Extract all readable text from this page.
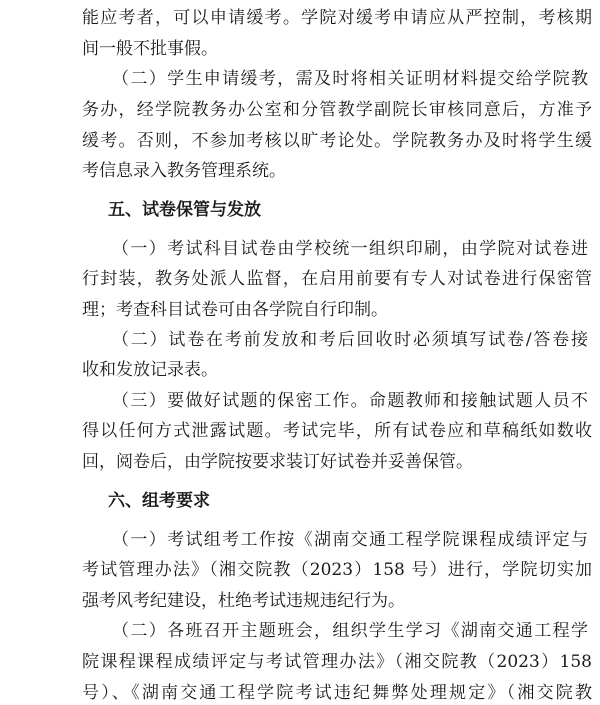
能应考者，可以申请缓考。学院对缓考申请应从严控制，考核期
间一般不批事假。
（二）学生申请缓考，需及时将相关证明材料提交给学院教
务办，经学院教务办公室和分管教学副院长审核同意后，方准予
缓考。否则，不参加考核以旷考论处。学院教务办及时将学生缓
考信息录入教务管理系统。
五、试卷保管与发放
（一）考试科目试卷由学校统一组织印刷，由学院对试卷进
行封装，教务处派人监督，在启用前要有专人对试卷进行保密管
理；考查科目试卷可由各学院自行印制。
（二）试卷在考前发放和考后回收时必须填写试卷/答卷接
收和发放记录表。
（三）要做好试题的保密工作。命题教师和接触试题人员不
得以任何方式泄露试题。考试完毕，所有试卷应和草稿纸如数收
回，阅卷后，由学院按要求装订好试卷并妥善保管。
六、组考要求
（一）考试组考工作按《湖南交通工程学院课程成绩评定与
考试管理办法》（湘交院教（2023）158 号）进行，学院切实加
强考风考纪建设，杜绝考试违规违纪行为。
（二）各班召开主题班会，组织学生学习《湖南交通工程学
院课程课程成绩评定与考试管理办法》（湘交院教（2023）158
号）、《湖南交通工程学院考试违纪舞弊处理规定》（湘交院教
